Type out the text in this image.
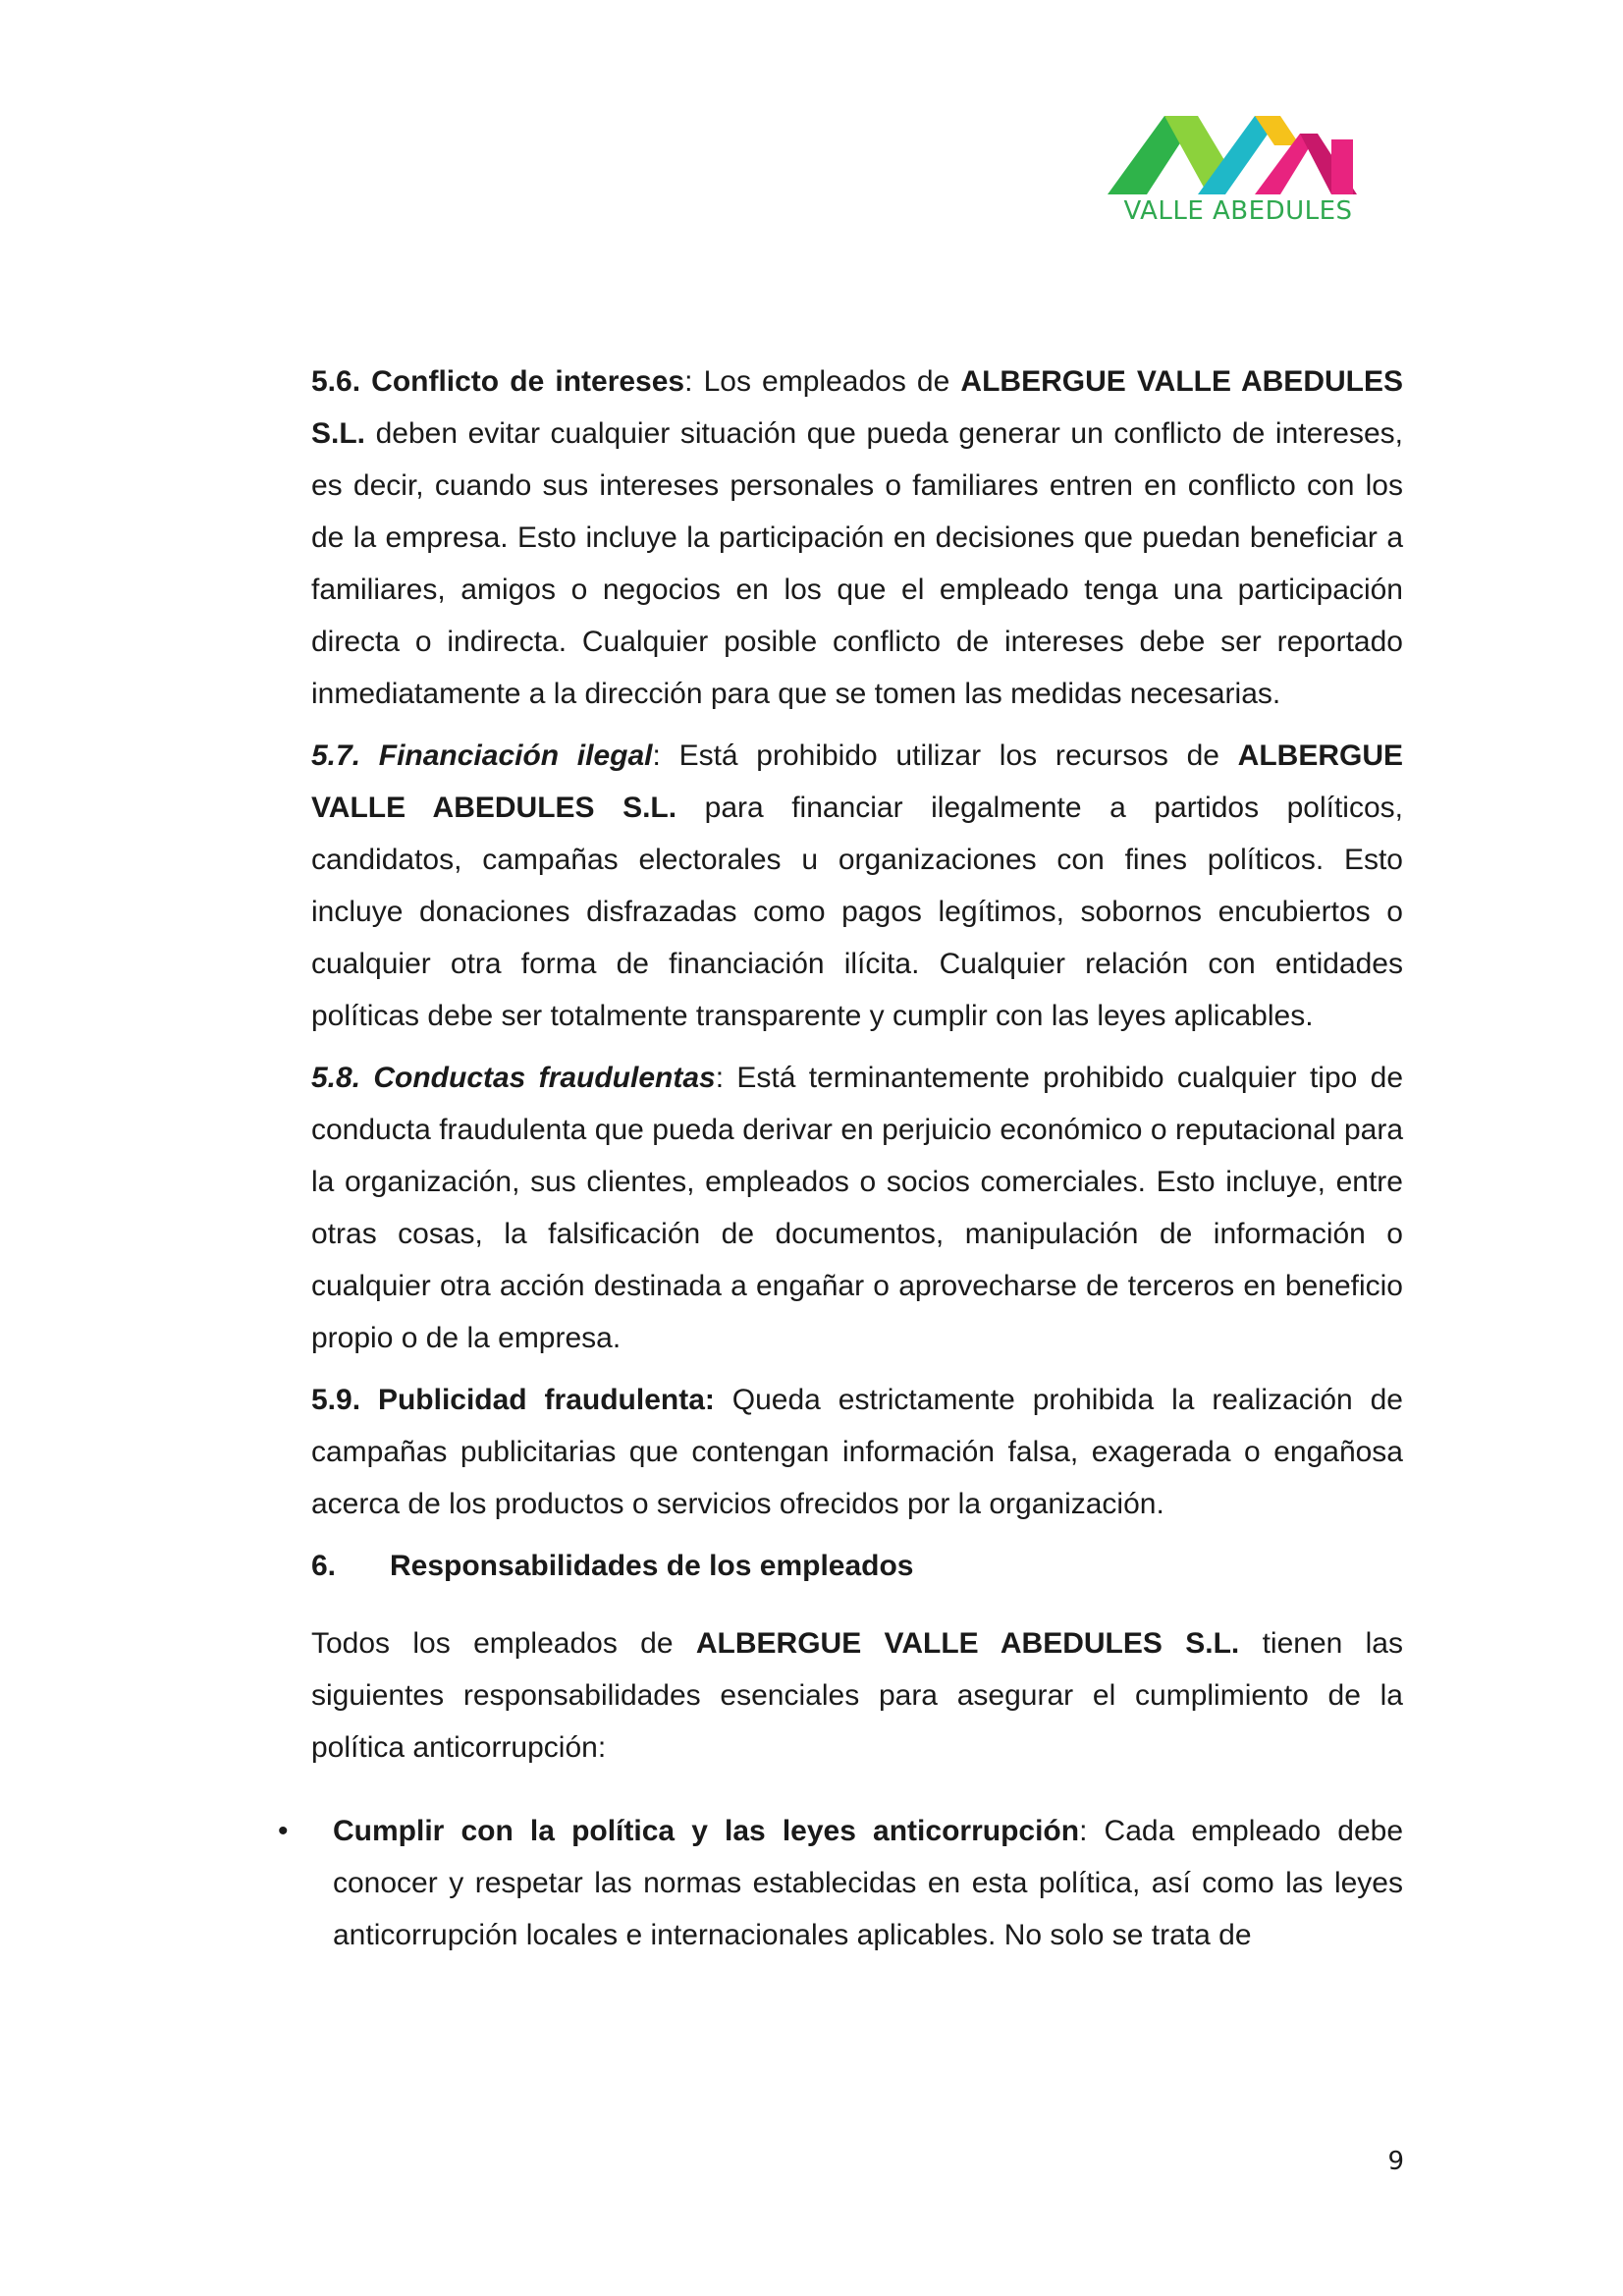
VALLE ABEDULES

5.6. Conflicto de intereses: Los empleados de ALBERGUE VALLE ABEDULES S.L. deben evitar cualquier situación que pueda generar un conflicto de intereses, es decir, cuando sus intereses personales o familiares entren en conflicto con los de la empresa. Esto incluye la participación en decisiones que puedan beneficiar a familiares, amigos o negocios en los que el empleado tenga una participación directa o indirecta. Cualquier posible conflicto de intereses debe ser reportado inmediatamente a la dirección para que se tomen las medidas necesarias.

5.7. Financiación ilegal: Está prohibido utilizar los recursos de ALBERGUE VALLE ABEDULES S.L. para financiar ilegalmente a partidos políticos, candidatos, campañas electorales u organizaciones con fines políticos. Esto incluye donaciones disfrazadas como pagos legítimos, sobornos encubiertos o cualquier otra forma de financiación ilícita. Cualquier relación con entidades políticas debe ser totalmente transparente y cumplir con las leyes aplicables.

5.8. Conductas fraudulentas: Está terminantemente prohibido cualquier tipo de conducta fraudulenta que pueda derivar en perjuicio económico o reputacional para la organización, sus clientes, empleados o socios comerciales. Esto incluye, entre otras cosas, la falsificación de documentos, manipulación de información o cualquier otra acción destinada a engañar o aprovecharse de terceros en beneficio propio o de la empresa.

5.9. Publicidad fraudulenta: Queda estrictamente prohibida la realización de campañas publicitarias que contengan información falsa, exagerada o engañosa acerca de los productos o servicios ofrecidos por la organización.

6. Responsabilidades de los empleados

Todos los empleados de ALBERGUE VALLE ABEDULES S.L. tienen las siguientes responsabilidades esenciales para asegurar el cumplimiento de la política anticorrupción:

• Cumplir con la política y las leyes anticorrupción: Cada empleado debe conocer y respetar las normas establecidas en esta política, así como las leyes anticorrupción locales e internacionales aplicables. No solo se trata de
9
